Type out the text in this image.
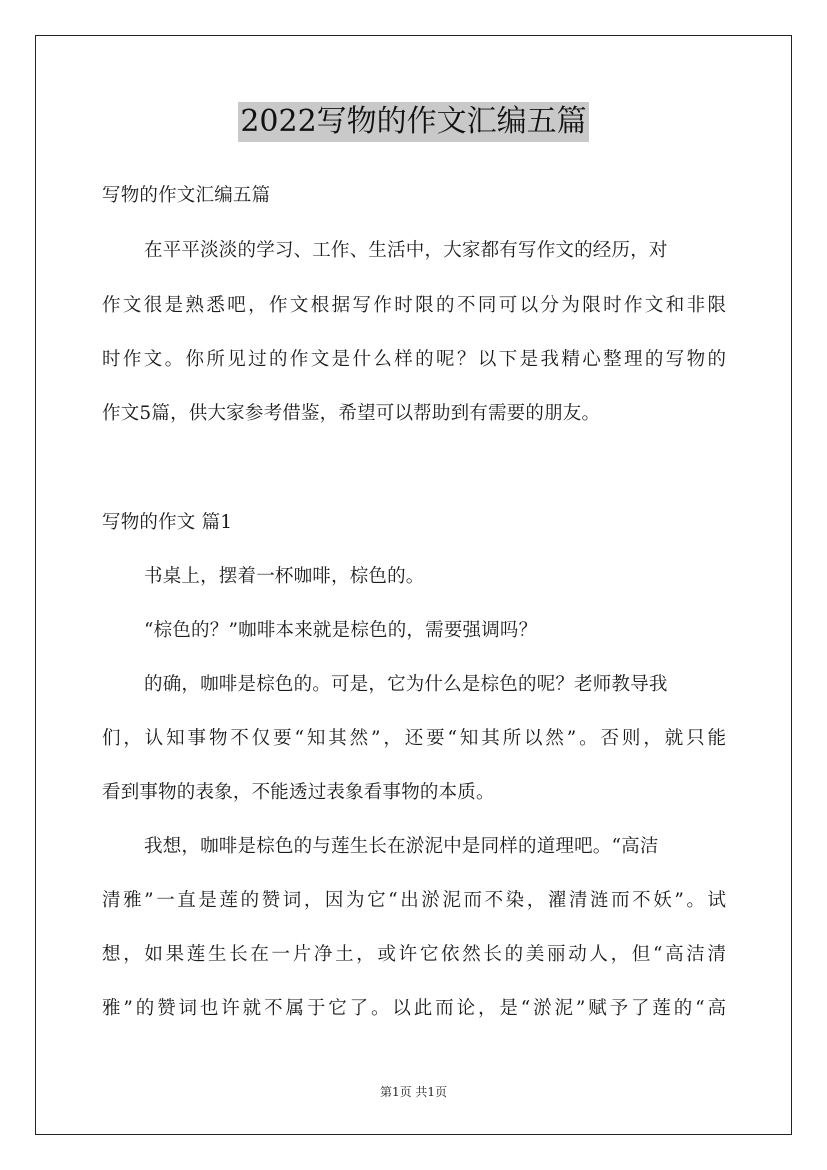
2022写物的作文汇编五篇
写物的作文汇编五篇
在平平淡淡的学习、工作、生活中，大家都有写作文的经历，对
作文很是熟悉吧，作文根据写作时限的不同可以分为限时作文和非限
时作文。你所见过的作文是什么样的呢？以下是我精心整理的写物的
作文5篇，供大家参考借鉴，希望可以帮助到有需要的朋友。
写物的作文 篇1
书桌上，摆着一杯咖啡，棕色的。
“棕色的？”咖啡本来就是棕色的，需要强调吗？
的确，咖啡是棕色的。可是，它为什么是棕色的呢？老师教导我
们，认知事物不仅要“知其然”，还要“知其所以然”。否则，就只能
看到事物的表象，不能透过表象看事物的本质。
我想，咖啡是棕色的与莲生长在淤泥中是同样的道理吧。“高洁
清雅”一直是莲的赞词，因为它“出淤泥而不染，濯清涟而不妖”。试
想，如果莲生长在一片净土，或许它依然长的美丽动人，但“高洁清
雅”的赞词也许就不属于它了。以此而论，是“淤泥”赋予了莲的“高
第1页 共1页
